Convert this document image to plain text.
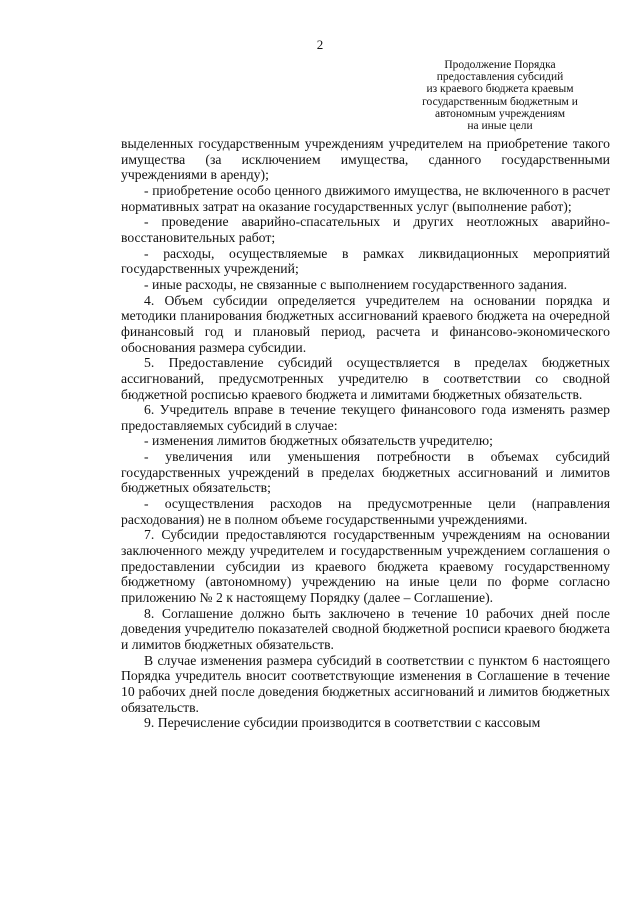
2
Продолжение Порядка
предоставления субсидий
из краевого бюджета краевым
государственным бюджетным и
автономным учреждениям
на иные цели

выделенных государственным учреждениям учредителем на приобретение такого имущества (за исключением имущества, сданного государственными учреждениями в аренду);

- приобретение особо ценного движимого имущества, не включенного в расчет нормативных затрат на оказание государственных услуг (выполнение работ);

- проведение аварийно-спасательных и других неотложных аварийно-восстановительных работ;

- расходы, осуществляемые в рамках ликвидационных мероприятий государственных учреждений;

- иные расходы, не связанные с выполнением государственного задания.

4. Объем субсидии определяется учредителем на основании порядка и методики планирования бюджетных ассигнований краевого бюджета на очередной финансовый год и плановый период, расчета и финансово-экономического обоснования размера субсидии.

5. Предоставление субсидий осуществляется в пределах бюджетных ассигнований, предусмотренных учредителю в соответствии со сводной бюджетной росписью краевого бюджета и лимитами бюджетных обязательств.

6. Учредитель вправе в течение текущего финансового года изменять размер предоставляемых субсидий в случае:

- изменения лимитов бюджетных обязательств учредителю;

- увеличения или уменьшения потребности в объемах субсидий государственных учреждений в пределах бюджетных ассигнований и лимитов бюджетных обязательств;

- осуществления расходов на предусмотренные цели (направления расходования) не в полном объеме государственными учреждениями.

7. Субсидии предоставляются государственным учреждениям на основании заключенного между учредителем и государственным учреждением соглашения о предоставлении субсидии из краевого бюджета краевому государственному бюджетному (автономному) учреждению на иные цели по форме согласно приложению № 2 к настоящему Порядку (далее – Соглашение).

8. Соглашение должно быть заключено в течение 10 рабочих дней после доведения учредителю показателей сводной бюджетной росписи краевого бюджета и лимитов бюджетных обязательств.

В случае изменения размера субсидий в соответствии с пунктом 6 настоящего Порядка учредитель вносит соответствующие изменения в Соглашение в течение 10 рабочих дней после доведения бюджетных ассигнований и лимитов бюджетных обязательств.

9. Перечисление субсидии производится в соответствии с кассовым
